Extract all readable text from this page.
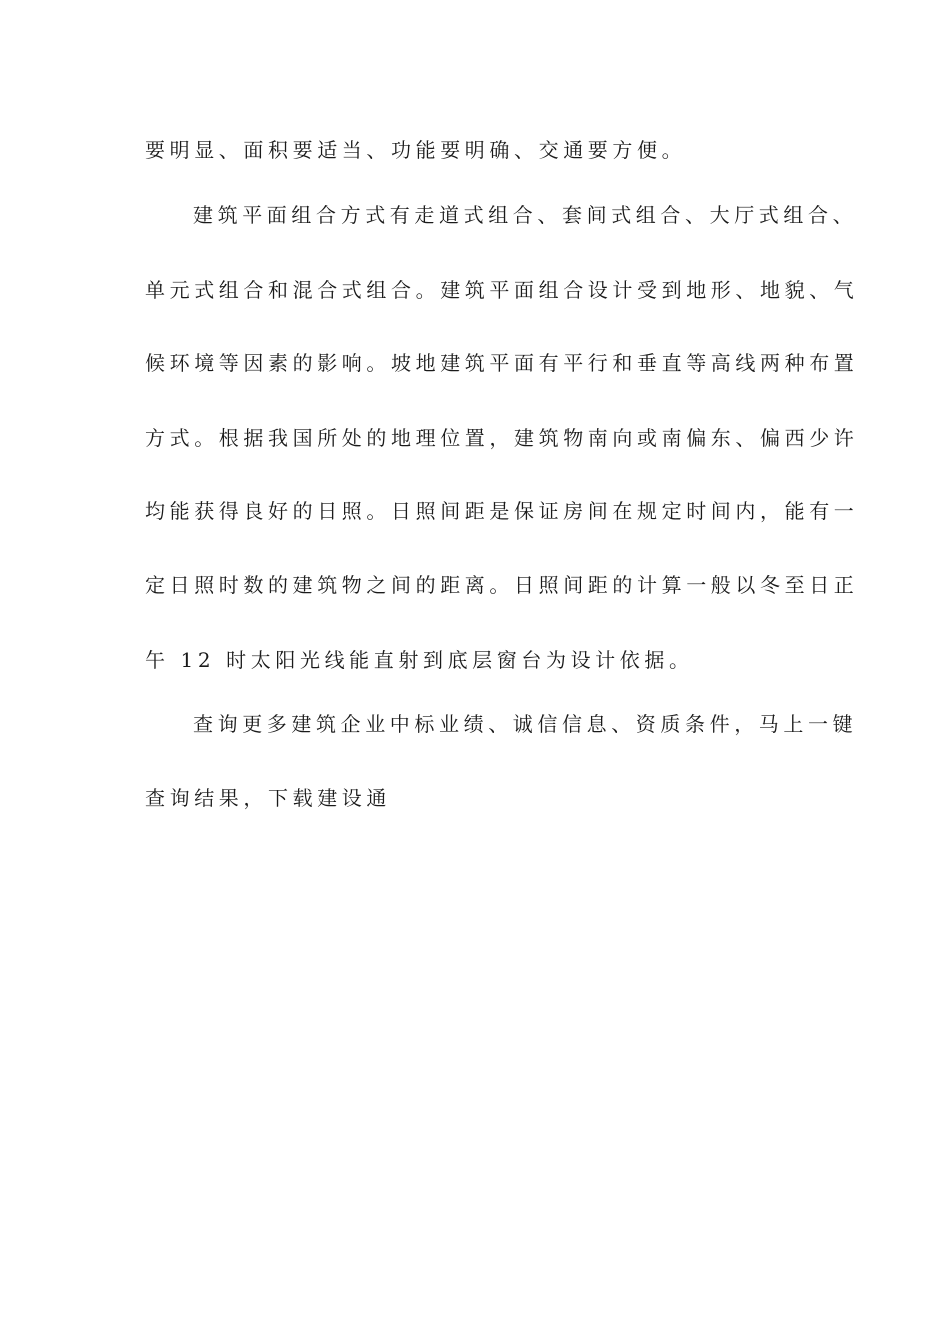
要明显、面积要适当、功能要明确、交通要方便。
建筑平面组合方式有走道式组合、套间式组合、大厅式组合、
单元式组合和混合式组合。建筑平面组合设计受到地形、地貌、气
候环境等因素的影响。坡地建筑平面有平行和垂直等高线两种布置
方式。根据我国所处的地理位置，建筑物南向或南偏东、偏西少许
均能获得良好的日照。日照间距是保证房间在规定时间内，能有一
定日照时数的建筑物之间的距离。日照间距的计算一般以冬至日正
午 12 时太阳光线能直射到底层窗台为设计依据。
查询更多建筑企业中标业绩、诚信信息、资质条件，马上一键
查询结果，下载建设通
